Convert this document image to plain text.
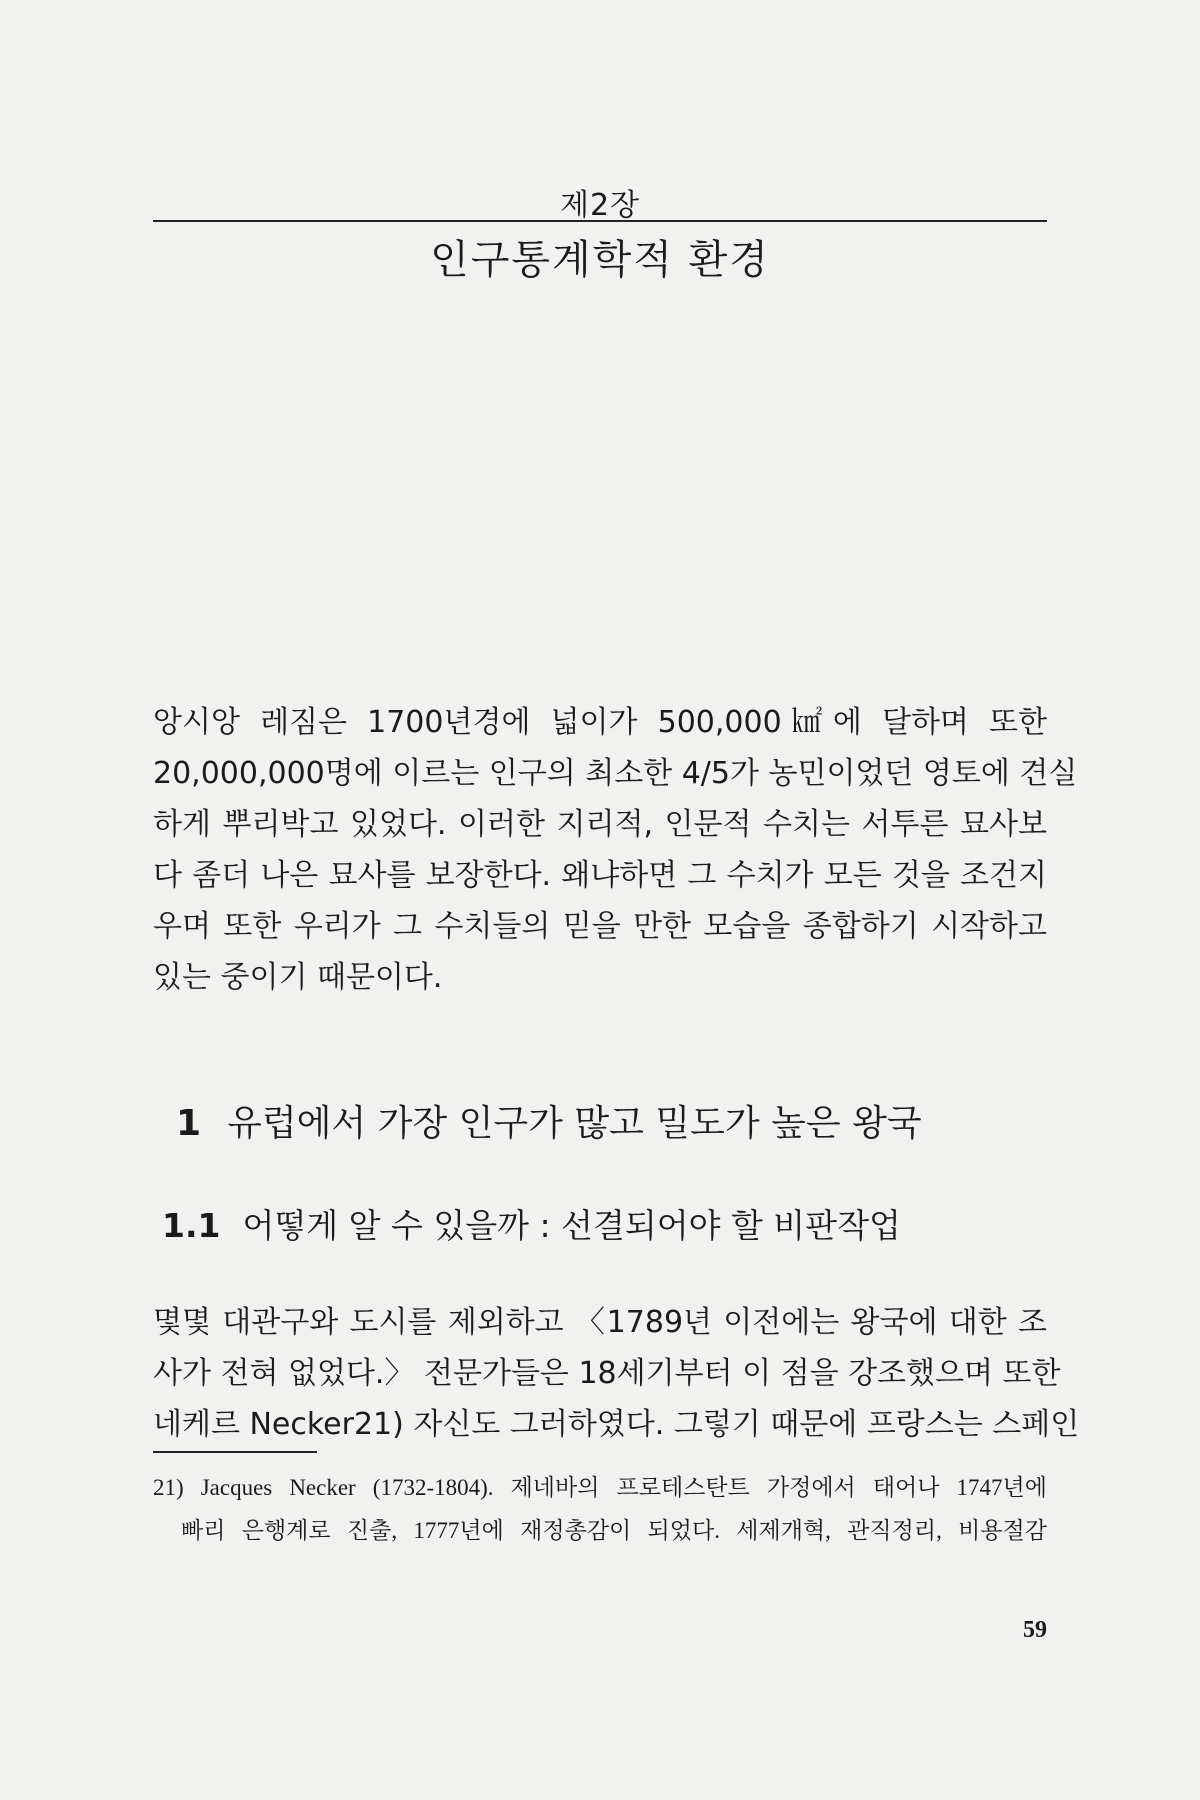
제2장
인구통계학적 환경
앙시앙 레짐은 1700년경에 넓이가 500,000㎢에 달하며 또한
20,000,000명에 이르는 인구의 최소한 4/5가 농민이었던 영토에 견실
하게 뿌리박고 있었다. 이러한 지리적, 인문적 수치는 서투른 묘사보
다 좀더 나은 묘사를 보장한다. 왜냐하면 그 수치가 모든 것을 조건지
우며 또한 우리가 그 수치들의 믿을 만한 모습을 종합하기 시작하고
있는 중이기 때문이다.
1 유럽에서 가장 인구가 많고 밀도가 높은 왕국
1.1 어떻게 알 수 있을까 : 선결되어야 할 비판작업
몇몇 대관구와 도시를 제외하고 〈1789년 이전에는 왕국에 대한 조
사가 전혀 없었다.〉 전문가들은 18세기부터 이 점을 강조했으며 또한
네케르 Necker21) 자신도 그러하였다. 그렇기 때문에 프랑스는 스페인
21) Jacques Necker (1732-1804). 제네바의 프로테스탄트 가정에서 태어나 1747년에
빠리 은행계로 진출, 1777년에 재정총감이 되었다. 세제개혁, 관직정리, 비용절감
59
